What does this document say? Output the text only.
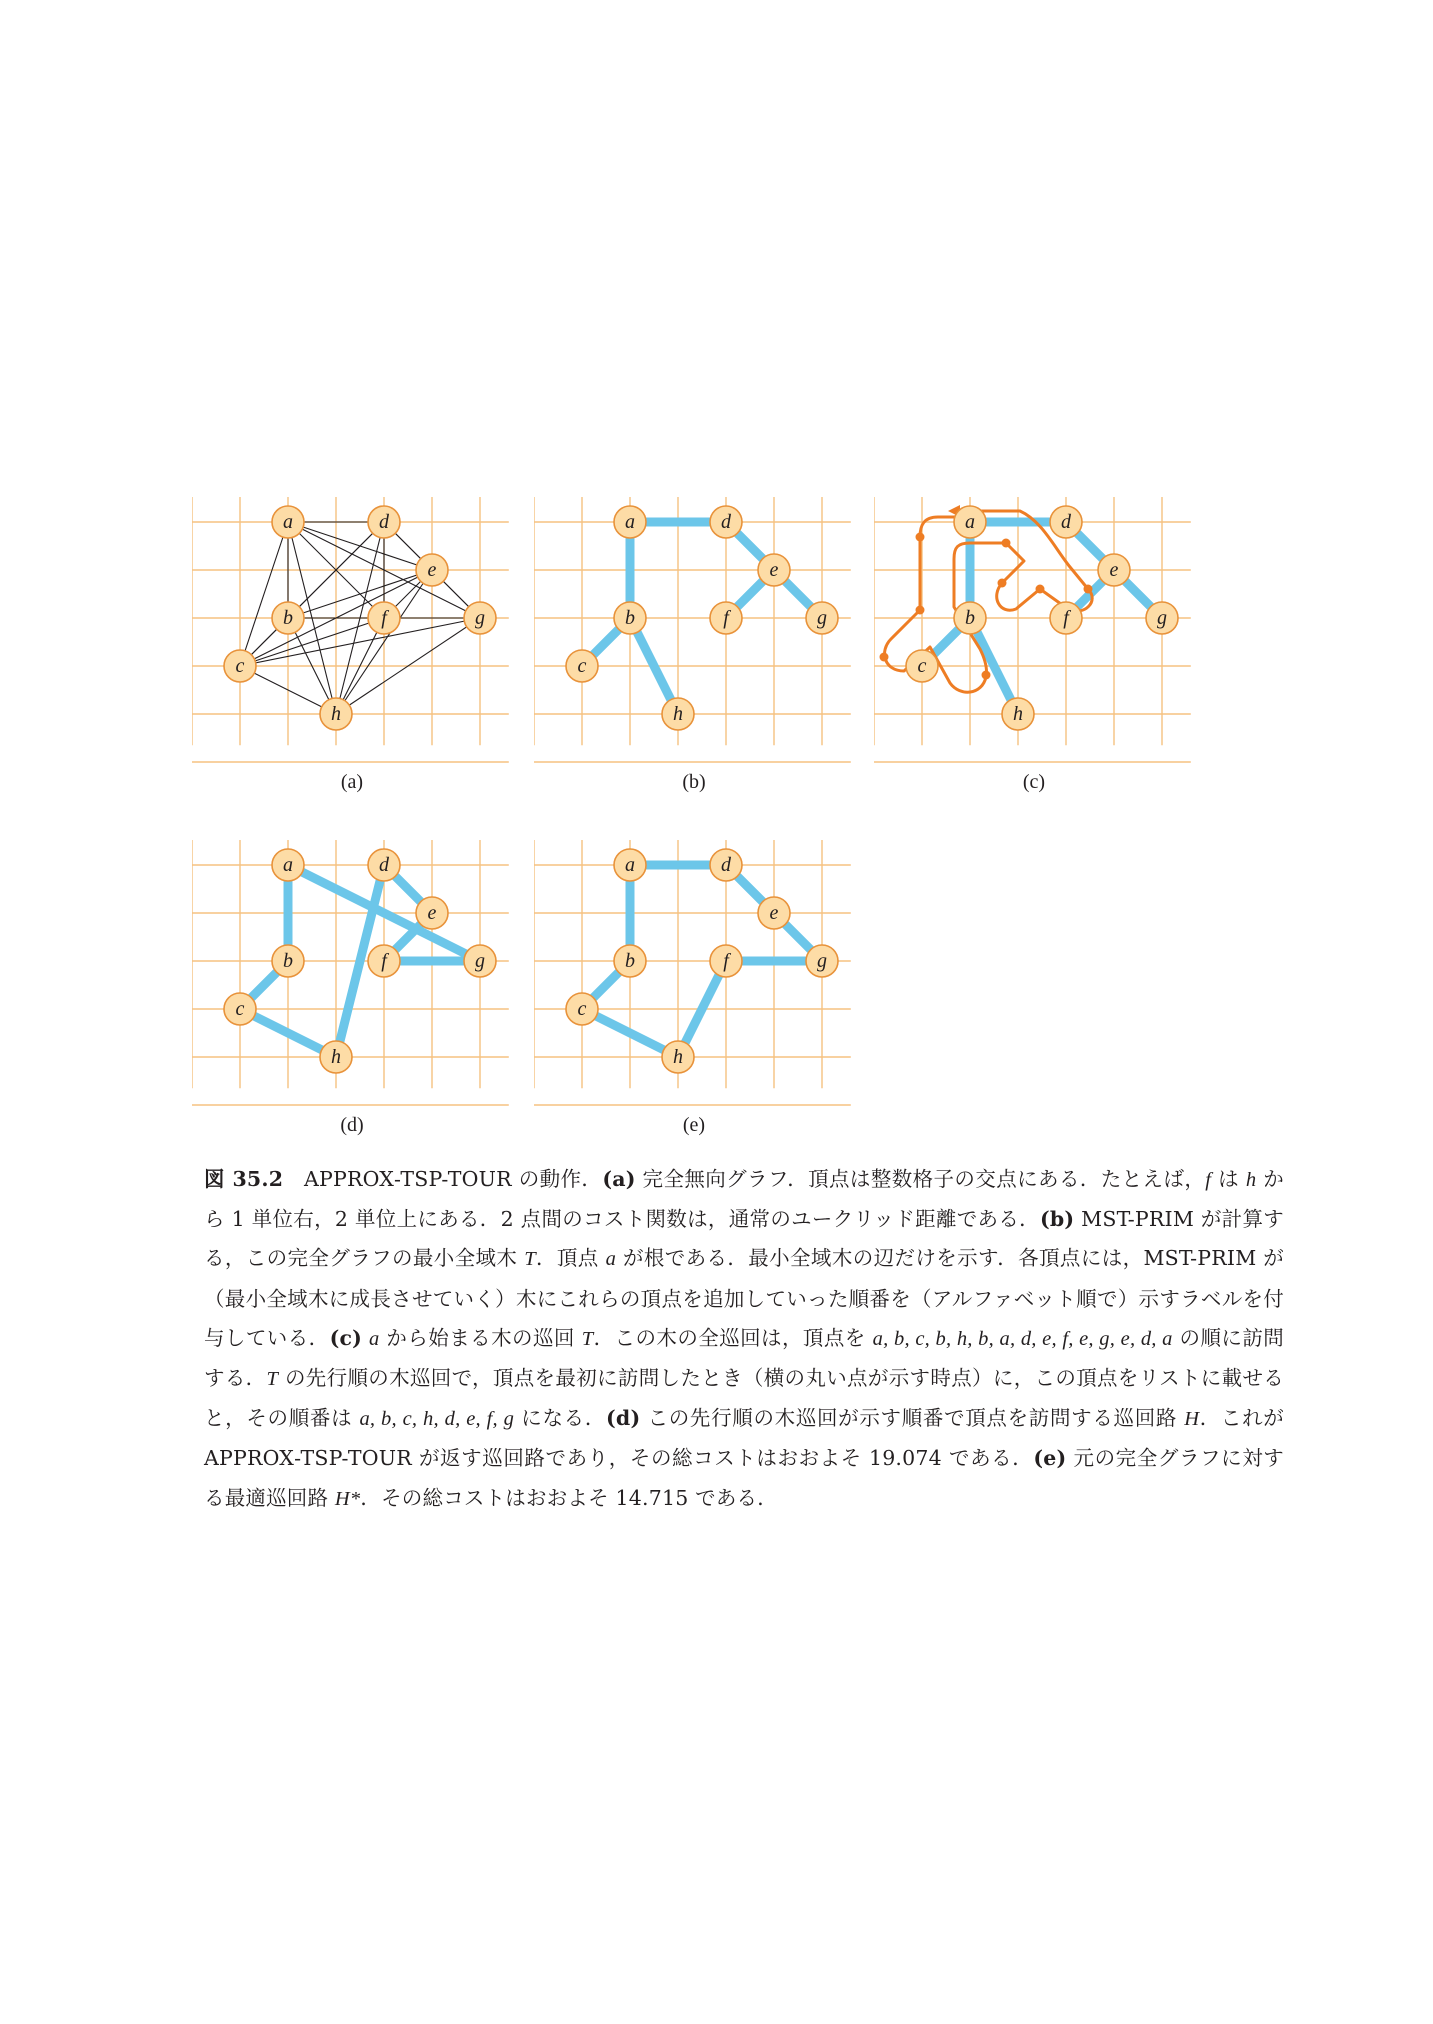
a	d
e
b	f	g
c
h
(a)
a	d
e
b	f	g
c
h
(b)
a	d
e
b	f	g
c
h
(c)
a	d
e
b	f	g
c
h
(d)
a	d
e
b	f	g
c
h
(e)

図 35.2 APPROX-TSP-TOUR の動作．(a) 完全無向グラフ．頂点は整数格子の交点にある．たとえば，f は h から 1 単位右，2 単位上にある．2 点間のコスト関数は，通常のユークリッド距離である．(b) MST-PRIM が計算する，この完全グラフの最小全域木 T．頂点 a が根である．最小全域木の辺だけを示す．各頂点には，MST-PRIM が（最小全域木に成長させていく）木にこれらの頂点を追加していった順番を（アルファベット順で）示すラベルを付与している．(c) a から始まる木の巡回 T．この木の全巡回は，頂点を a, b, c, b, h, b, a, d, e, f, e, g, e, d, a の順に訪問する．T の先行順の木巡回で，頂点を最初に訪問したとき（横の丸い点が示す時点）に，この頂点をリストに載せると，その順番は a, b, c, h, d, e, f, g になる．(d) この先行順の木巡回が示す順番で頂点を訪問する巡回路 H．これが APPROX-TSP-TOUR が返す巡回路であり，その総コストはおおよそ 19.074 である．(e) 元の完全グラフに対する最適巡回路 H*．その総コストはおおよそ 14.715 である．
